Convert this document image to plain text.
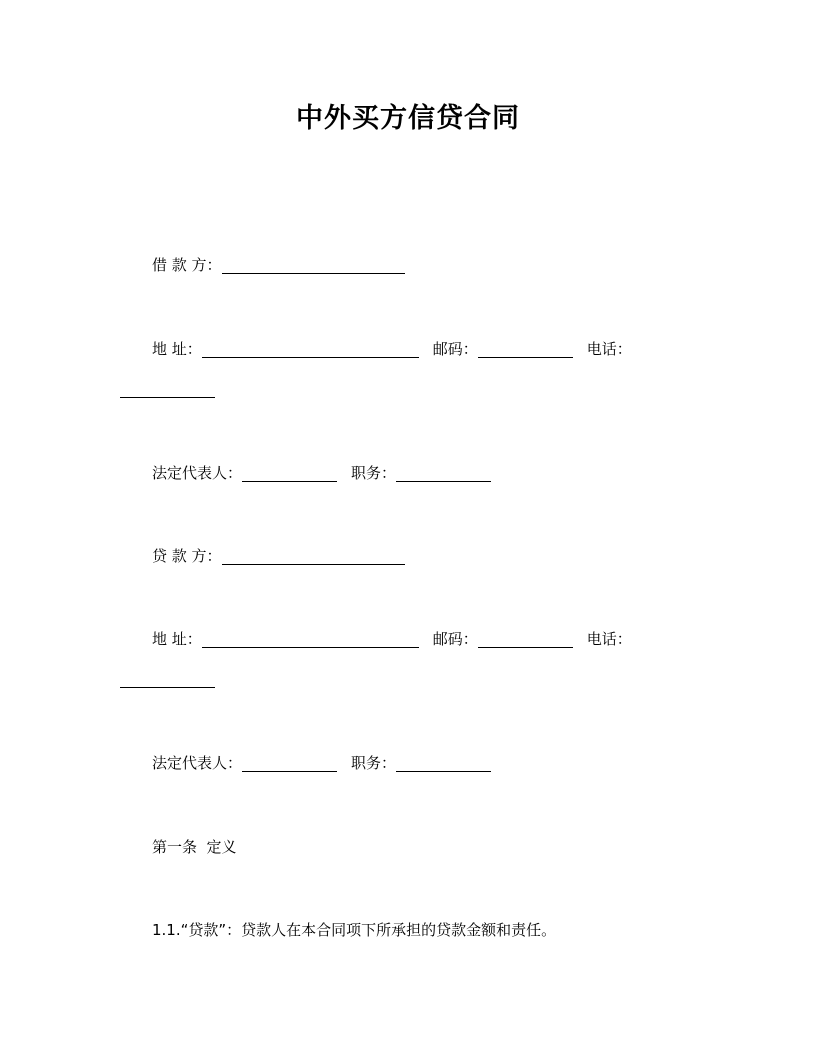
中外买方信贷合同
借 款 方：
地 址：	邮码：	电话：
法定代表人：	职务：
贷 款 方：
地 址：	邮码：	电话：
法定代表人：	职务：
第一条  定义
1.1.“贷款”：贷款人在本合同项下所承担的贷款金额和责任。
